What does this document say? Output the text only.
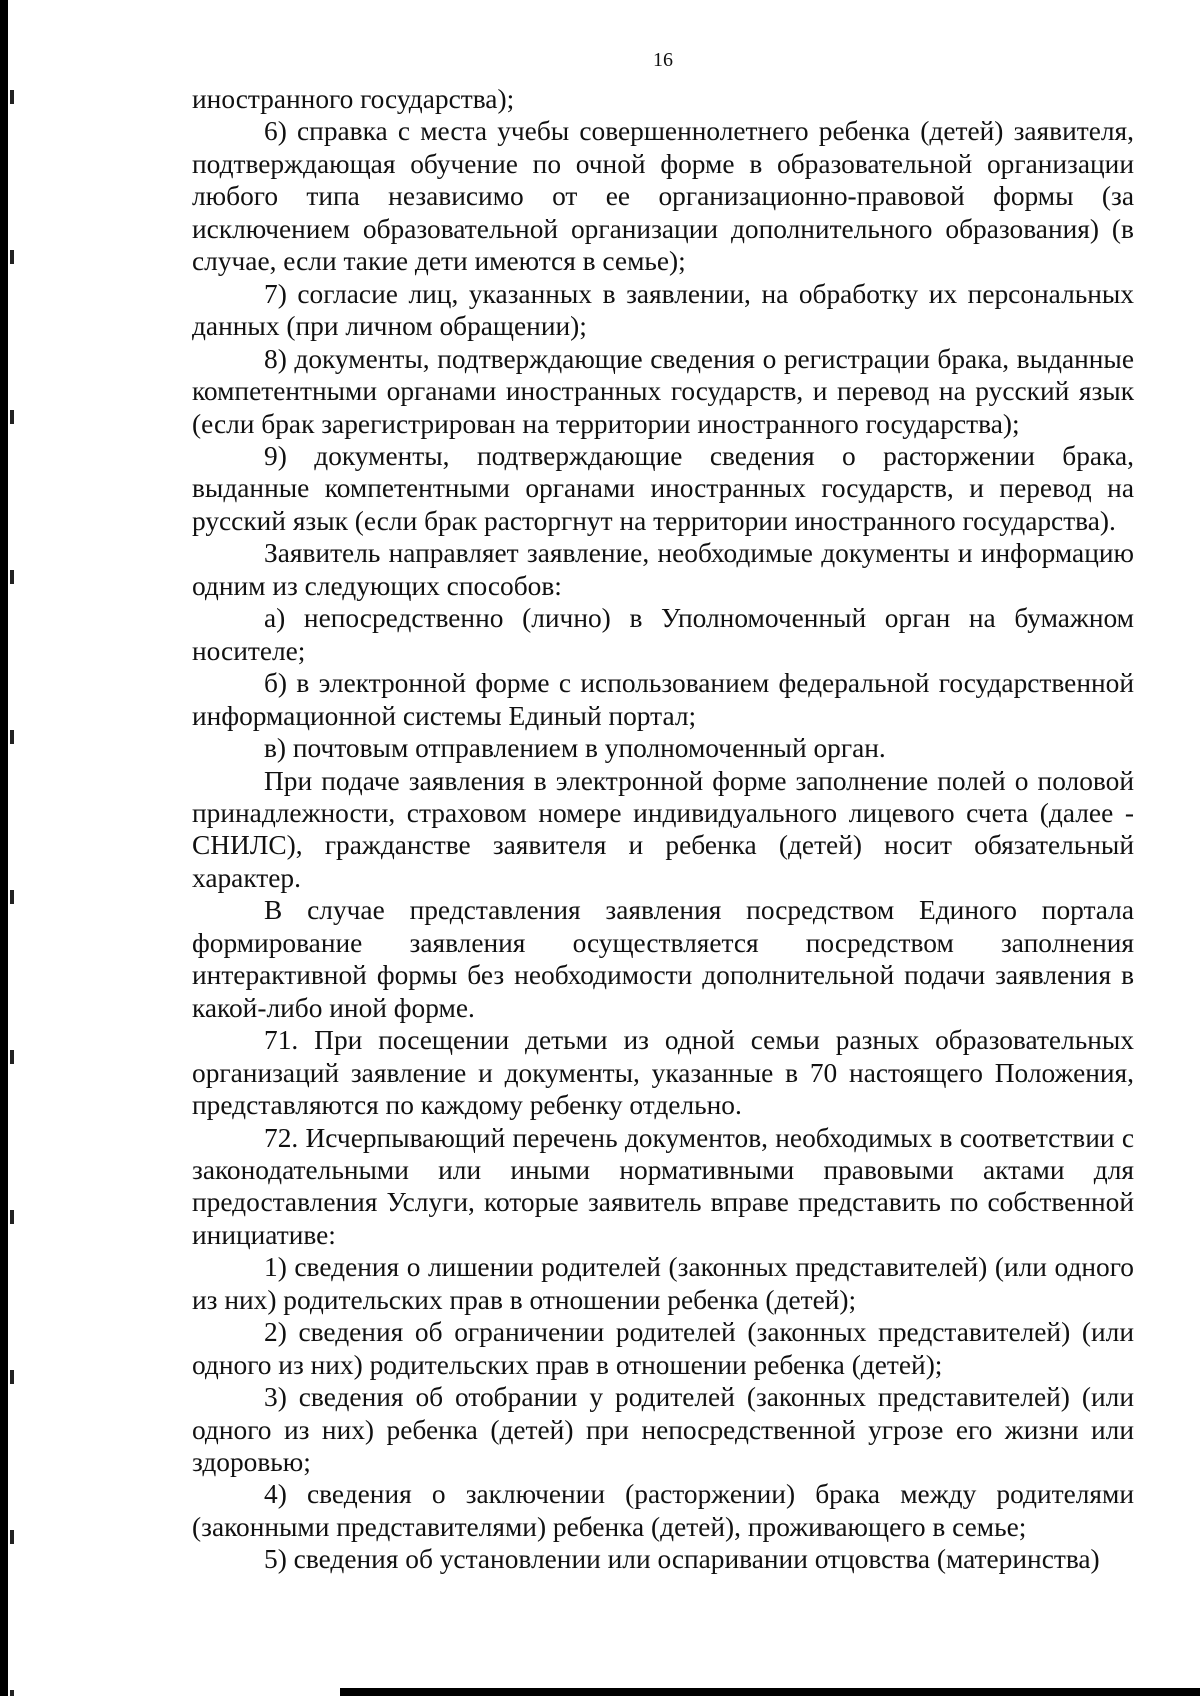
16

иностранного государства);

6) справка с места учебы совершеннолетнего ребенка (детей) заявителя, подтверждающая обучение по очной форме в образовательной организации любого типа независимо от ее организационно-правовой формы (за исключением образовательной организации дополнительного образования) (в случае, если такие дети имеются в семье);

7) согласие лиц, указанных в заявлении, на обработку их персональных данных (при личном обращении);

8) документы, подтверждающие сведения о регистрации брака, выданные компетентными органами иностранных государств, и перевод на русский язык (если брак зарегистрирован на территории иностранного государства);

9) документы, подтверждающие сведения о расторжении брака, выданные компетентными органами иностранных государств, и перевод на русский язык (если брак расторгнут на территории иностранного государства).

Заявитель направляет заявление, необходимые документы и информацию одним из следующих способов:

а) непосредственно (лично) в Уполномоченный орган на бумажном носителе;

б) в электронной форме с использованием федеральной государственной информационной системы Единый портал;

в) почтовым отправлением в уполномоченный орган.

При подаче заявления в электронной форме заполнение полей о половой принадлежности, страховом номере индивидуального лицевого счета (далее - СНИЛС), гражданстве заявителя и ребенка (детей) носит обязательный характер.

В случае представления заявления посредством Единого портала формирование заявления осуществляется посредством заполнения интерактивной формы без необходимости дополнительной подачи заявления в какой-либо иной форме.

71. При посещении детьми из одной семьи разных образовательных организаций заявление и документы, указанные в 70 настоящего Положения, представляются по каждому ребенку отдельно.

72. Исчерпывающий перечень документов, необходимых в соответствии с законодательными или иными нормативными правовыми актами для предоставления Услуги, которые заявитель вправе представить по собственной инициативе:

1) сведения о лишении родителей (законных представителей) (или одного из них) родительских прав в отношении ребенка (детей);

2) сведения об ограничении родителей (законных представителей) (или одного из них) родительских прав в отношении ребенка (детей);

3) сведения об отобрании у родителей (законных представителей) (или одного из них) ребенка (детей) при непосредственной угрозе его жизни или здоровью;

4) сведения о заключении (расторжении) брака между родителями (законными представителями) ребенка (детей), проживающего в семье;

5) сведения об установлении или оспаривании отцовства (материнства)
